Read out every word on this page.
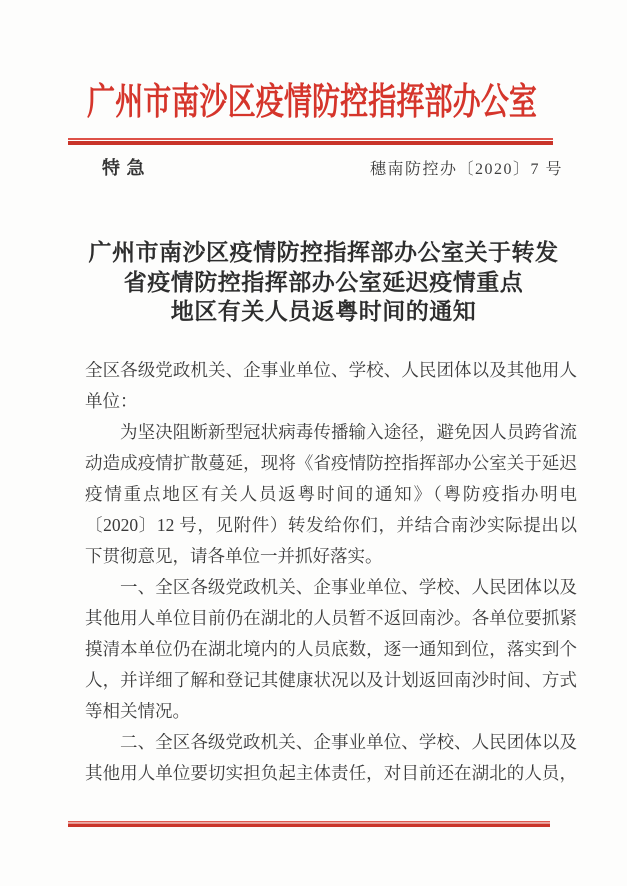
广州市南沙区疫情防控指挥部办公室
特 急	穗南防控办〔2020〕7 号
广州市南沙区疫情防控指挥部办公室关于转发
省疫情防控指挥部办公室延迟疫情重点
地区有关人员返粤时间的通知
全区各级党政机关、企事业单位、学校、人民团体以及其他用人
单位：
为坚决阻断新型冠状病毒传播输入途径，避免因人员跨省流
动造成疫情扩散蔓延，现将《省疫情防控指挥部办公室关于延迟
疫情重点地区有关人员返粤时间的通知》（粤防疫指办明电
〔2020〕12 号，见附件）转发给你们，并结合南沙实际提出以
下贯彻意见，请各单位一并抓好落实。
一、全区各级党政机关、企事业单位、学校、人民团体以及
其他用人单位目前仍在湖北的人员暂不返回南沙。各单位要抓紧
摸清本单位仍在湖北境内的人员底数，逐一通知到位，落实到个
人，并详细了解和登记其健康状况以及计划返回南沙时间、方式
等相关情况。
二、全区各级党政机关、企事业单位、学校、人民团体以及
其他用人单位要切实担负起主体责任，对目前还在湖北的人员，
